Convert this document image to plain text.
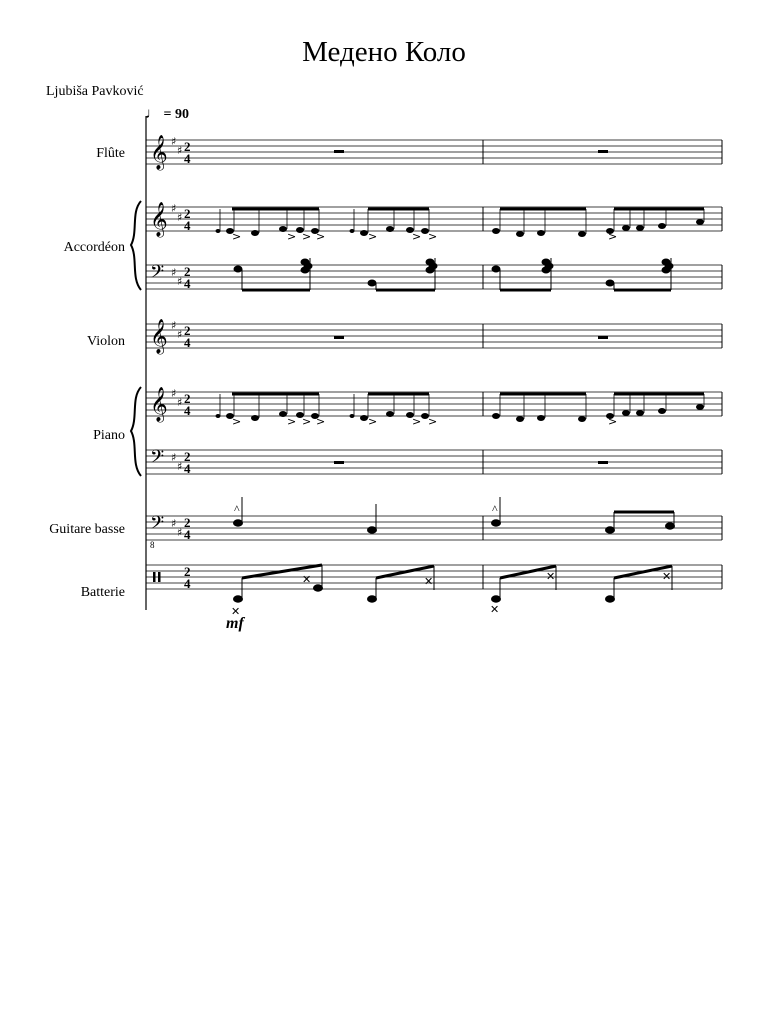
Медено Коло
Ljubiša Pavković
♩ = 90
Flûte
Accordéon
Violon
Piano
Guitare basse
Batterie
𝄞 ♯
♯ 2
4
𝄞 ♯
♯ 2
4
𝄢 ♯
♯
2
4
𝄞 ♯
♯ 2
4
𝄞 ♯
♯ 2
4
𝄢 ♯
♯
2
4
𝄢
8
♯
♯
2
4
2
4
>	> > >	>	> >	>
>	> > >	>	> >	>
^	^
✕
✕	✕
✕
✕	✕
mf
